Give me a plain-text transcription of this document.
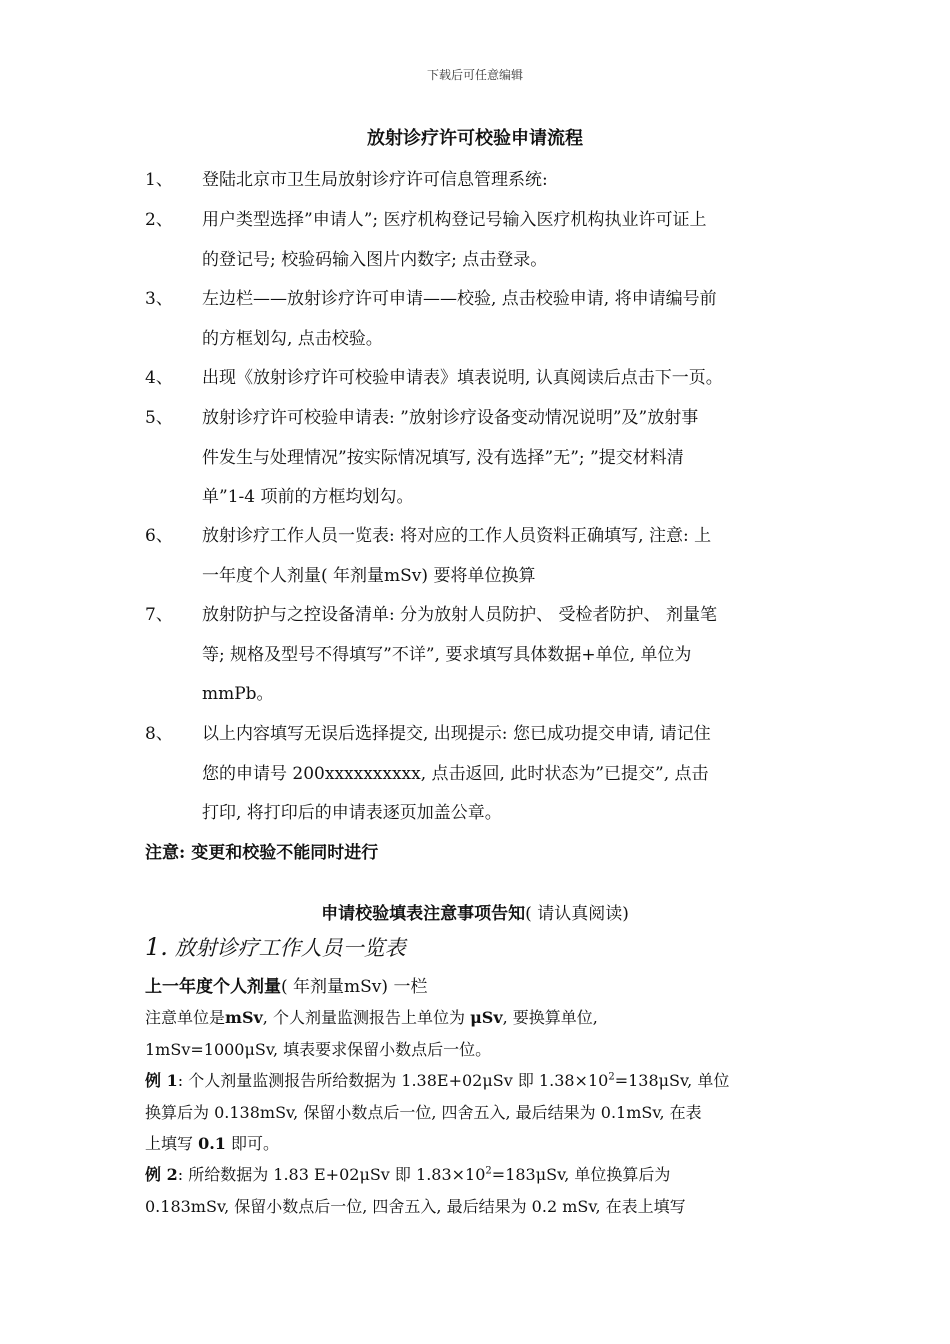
下载后可任意编辑
放射诊疗许可校验申请流程
1、	登陆北京市卫生局放射诊疗许可信息管理系统:
2、	用户类型选择”申请人”; 医疗机构登记号输入医疗机构执业许可证上
的登记号; 校验码输入图片内数字; 点击登录。
3、	左边栏——放射诊疗许可申请——校验, 点击校验申请, 将申请编号前
的方框划勾, 点击校验。
4、	出现《放射诊疗许可校验申请表》填表说明, 认真阅读后点击下一页。
5、	放射诊疗许可校验申请表: ”放射诊疗设备变动情况说明”及”放射事
件发生与处理情况”按实际情况填写, 没有选择”无”; ”提交材料清
单”1-4 项前的方框均划勾。
6、	放射诊疗工作人员一览表: 将对应的工作人员资料正确填写, 注意: 上
一年度个人剂量( 年剂量mSv) 要将单位换算
7、	放射防护与之控设备清单: 分为放射人员防护、 受检者防护、 剂量笔
等; 规格及型号不得填写”不详”, 要求填写具体数据+单位, 单位为
mmPb。
8、	以上内容填写无误后选择提交, 出现提示: 您已成功提交申请, 请记住
您的申请号 200xxxxxxxxxx, 点击返回, 此时状态为”已提交”, 点击
打印, 将打印后的申请表逐页加盖公章。
注意: 变更和校验不能同时进行
申请校验填表注意事项告知( 请认真阅读)
1. 放射诊疗工作人员一览表
上一年度个人剂量( 年剂量mSv) 一栏
注意单位是mSv, 个人剂量监测报告上单位为 μSv, 要换算单位,
1mSv=1000μSv, 填表要求保留小数点后一位。
例 1: 个人剂量监测报告所给数据为 1.38E+02μSv 即 $1.38\times 10^2=138\mu Sv$, 单位
换算后为 0.138mSv, 保留小数点后一位, 四舍五入, 最后结果为 0.1mSv, 在表
上填写 0.1 即可。
例 2: 所给数据为 1.83 E+02μSv 即 $1.83\times 10^2=183\mu Sv$, 单位换算后为
0.183mSv, 保留小数点后一位, 四舍五入, 最后结果为 0.2 mSv, 在表上填写
